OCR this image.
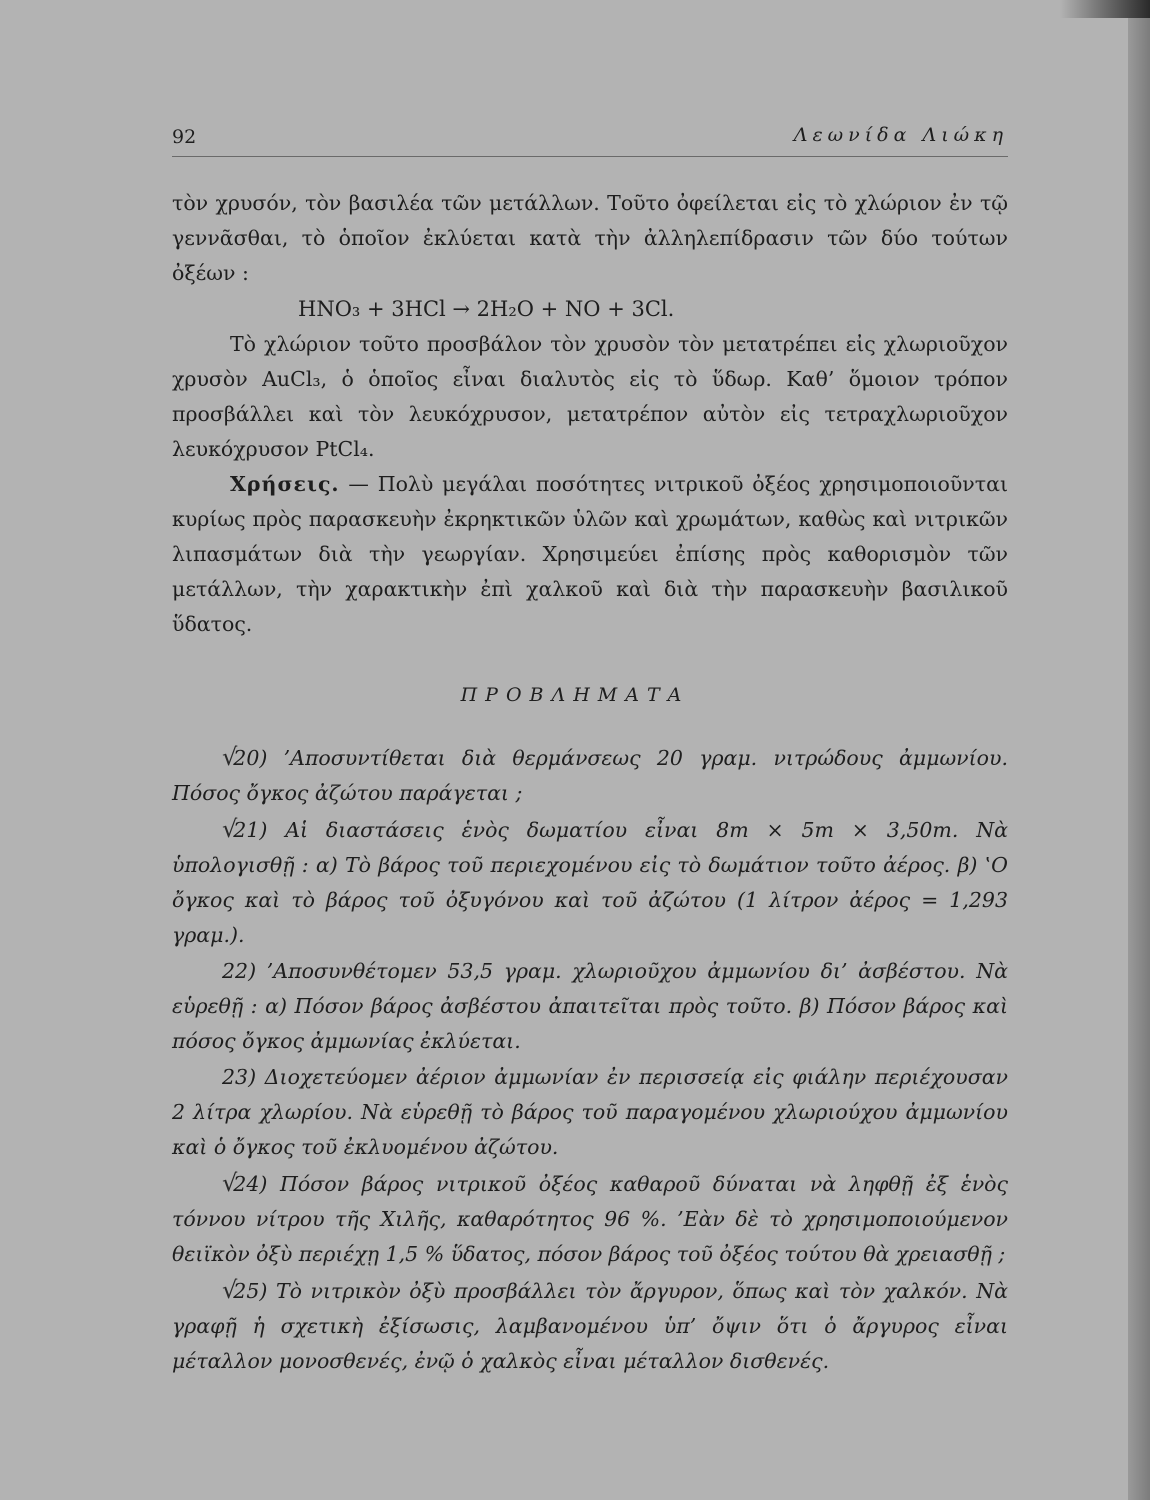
92	Λεωνίδα Λιώκη

τὸν χρυσόν, τὸν βασιλέα τῶν μετάλλων. Τοῦτο ὀφείλεται εἰς τὸ χλώριον ἐν τῷ γεννᾶσθαι, τὸ ὁποῖον ἐκλύεται κατὰ τὴν ἀλληλεπίδρασιν τῶν δύο τούτων ὀξέων :

HNO₃ + 3HCl → 2H₂O + NO + 3Cl.

Τὸ χλώριον τοῦτο προσβάλον τὸν χρυσὸν τὸν μετατρέπει εἰς χλωριοῦχον χρυσὸν AuCl₃, ὁ ὁποῖος εἶναι διαλυτὸς εἰς τὸ ὕδωρ. Καθ’ ὅμοιον τρόπον προσβάλλει καὶ τὸν λευκόχρυσον, μετατρέπον αὐτὸν εἰς τετραχλωριοῦχον λευκόχρυσον PtCl₄.

Χρήσεις. — Πολὺ μεγάλαι ποσότητες νιτρικοῦ ὀξέος χρησιμοποιοῦνται κυρίως πρὸς παρασκευὴν ἐκρηκτικῶν ὑλῶν καὶ χρωμάτων, καθὼς καὶ νιτρικῶν λιπασμάτων διὰ τὴν γεωργίαν. Χρησιμεύει ἐπίσης πρὸς καθορισμὸν τῶν μετάλλων, τὴν χαρακτικὴν ἐπὶ χαλκοῦ καὶ διὰ τὴν παρασκευὴν βασιλικοῦ ὕδατος.

ΠΡΟΒΛΗΜΑΤΑ

√20) ’Αποσυντίθεται διὰ θερμάνσεως 20 γραμ. νιτρώδους ἀμμωνίου. Πόσος ὄγκος ἀζώτου παράγεται ;

√21) Αἱ διαστάσεις ἑνὸς δωματίου εἶναι 8m × 5m × 3,50m. Νὰ ὑπολογισθῇ : α) Τὸ βάρος τοῦ περιεχομένου εἰς τὸ δωμάτιον τοῦτο ἀέρος. β) ‛Ο ὄγκος καὶ τὸ βάρος τοῦ ὀξυγόνου καὶ τοῦ ἀζώτου (1 λίτρον ἀέρος = 1,293 γραμ.).

22) ’Αποσυνθέτομεν 53,5 γραμ. χλωριοῦχου ἀμμωνίου δι’ ἀσβέστου. Νὰ εὑρεθῇ : α) Πόσον βάρος ἀσβέστου ἀπαιτεῖται πρὸς τοῦτο. β) Πόσον βάρος καὶ πόσος ὄγκος ἀμμωνίας ἐκλύεται.

23) Διοχετεύομεν ἀέριον ἀμμωνίαν ἐν περισσείᾳ εἰς φιάλην περιέχουσαν 2 λίτρα χλωρίου. Νὰ εὑρεθῇ τὸ βάρος τοῦ παραγομένου χλωριούχου ἀμμωνίου καὶ ὁ ὄγκος τοῦ ἐκλυομένου ἀζώτου.

√24) Πόσον βάρος νιτρικοῦ ὀξέος καθαροῦ δύναται νὰ ληφθῇ ἐξ ἑνὸς τόννου νίτρου τῆς Χιλῆς, καθαρότητος 96 %. ’Εὰν δὲ τὸ χρησιμοποιούμενον θειϊκὸν ὀξὺ περιέχῃ 1,5 % ὕδατος, πόσον βάρος τοῦ ὀξέος τούτου θὰ χρειασθῇ ;

√25) Τὸ νιτρικὸν ὀξὺ προσβάλλει τὸν ἄργυρον, ὅπως καὶ τὸν χαλκόν. Νὰ γραφῇ ἡ σχετικὴ ἐξίσωσις, λαμβανομένου ὑπ’ ὄψιν ὅτι ὁ ἄργυρος εἶναι μέταλλον μονοσθενές, ἐνῷ ὁ χαλκὸς εἶναι μέταλλον δισθενές.
